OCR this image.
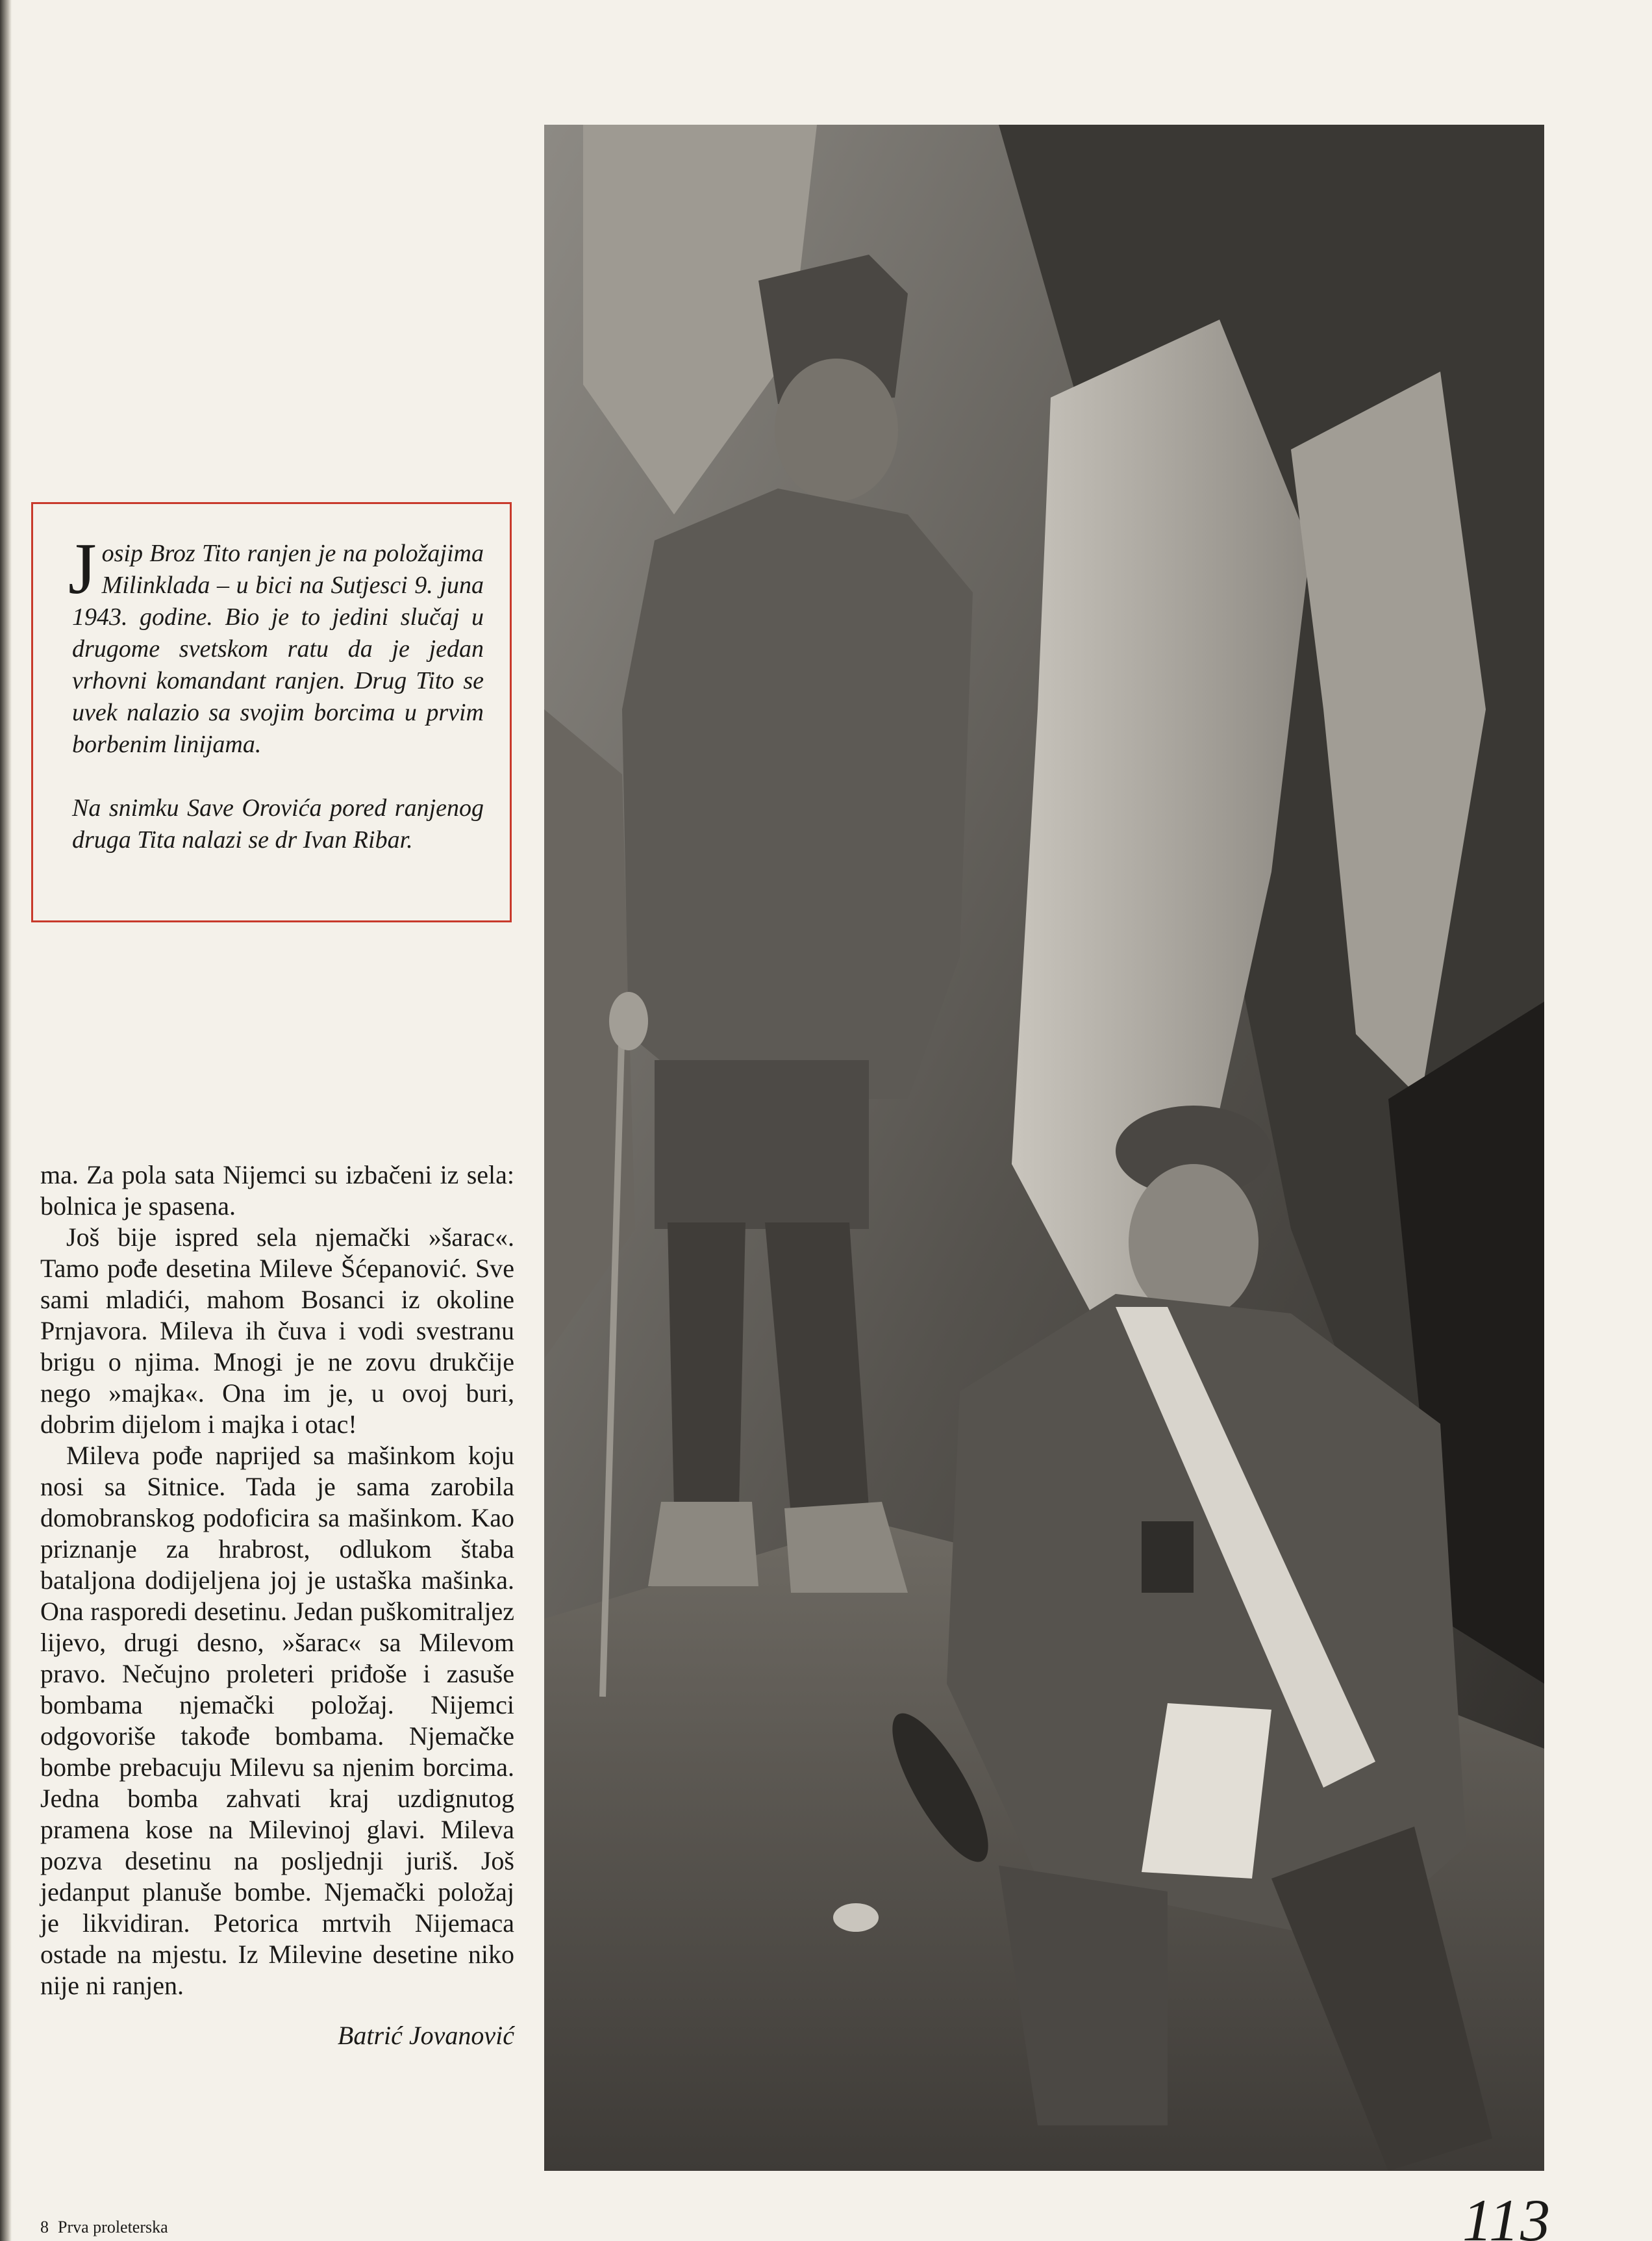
Josip Broz Tito ranjen je na položajima Milinklada – u bici na Sutjesci 9. juna 1943. godine. Bio je to jedini slučaj u drugome svetskom ratu da je jedan vrhovni komandant ranjen. Drug Tito se uvek nalazio sa svojim borcima u prvim borbenim linijama.

Na snimku Save Orovića pored ranjenog druga Tita nalazi se dr Ivan Ribar.

ma. Za pola sata Nijemci su izbačeni iz sela: bolnica je spasena.

Još bije ispred sela njemački »šarac«. Tamo pođe desetina Mileve Šćepanović. Sve sami mladići, mahom Bosanci iz okoline Prnjavora. Mileva ih čuva i vodi svestranu brigu o njima. Mnogi je ne zovu drukčije nego »majka«. Ona im je, u ovoj buri, dobrim dijelom i majka i otac!

Mileva pođe naprijed sa mašinkom koju nosi sa Sitnice. Tada je sama zarobila domobranskog podoficira sa mašinkom. Kao priznanje za hrabrost, odlukom štaba bataljona dodijeljena joj je ustaška mašinka. Ona rasporedi desetinu. Jedan puškomitraljez lijevo, drugi desno, »šarac« sa Milevom pravo. Nečujno proleteri priđoše i zasuše bombama njemački položaj. Nijemci odgovoriše takođe bombama. Njemačke bombe prebacuju Milevu sa njenim borcima. Jedna bomba zahvati kraj uzdignutog pramena kose na Milevinoj glavi. Mileva pozva desetinu na posljednji juriš. Još jedanput planuše bombe. Njemački položaj je likvidiran. Petorica mrtvih Nijemaca ostade na mjestu. Iz Milevine desetine niko nije ni ranjen.

Batrić Jovanović
8 Prva proleterska	113
